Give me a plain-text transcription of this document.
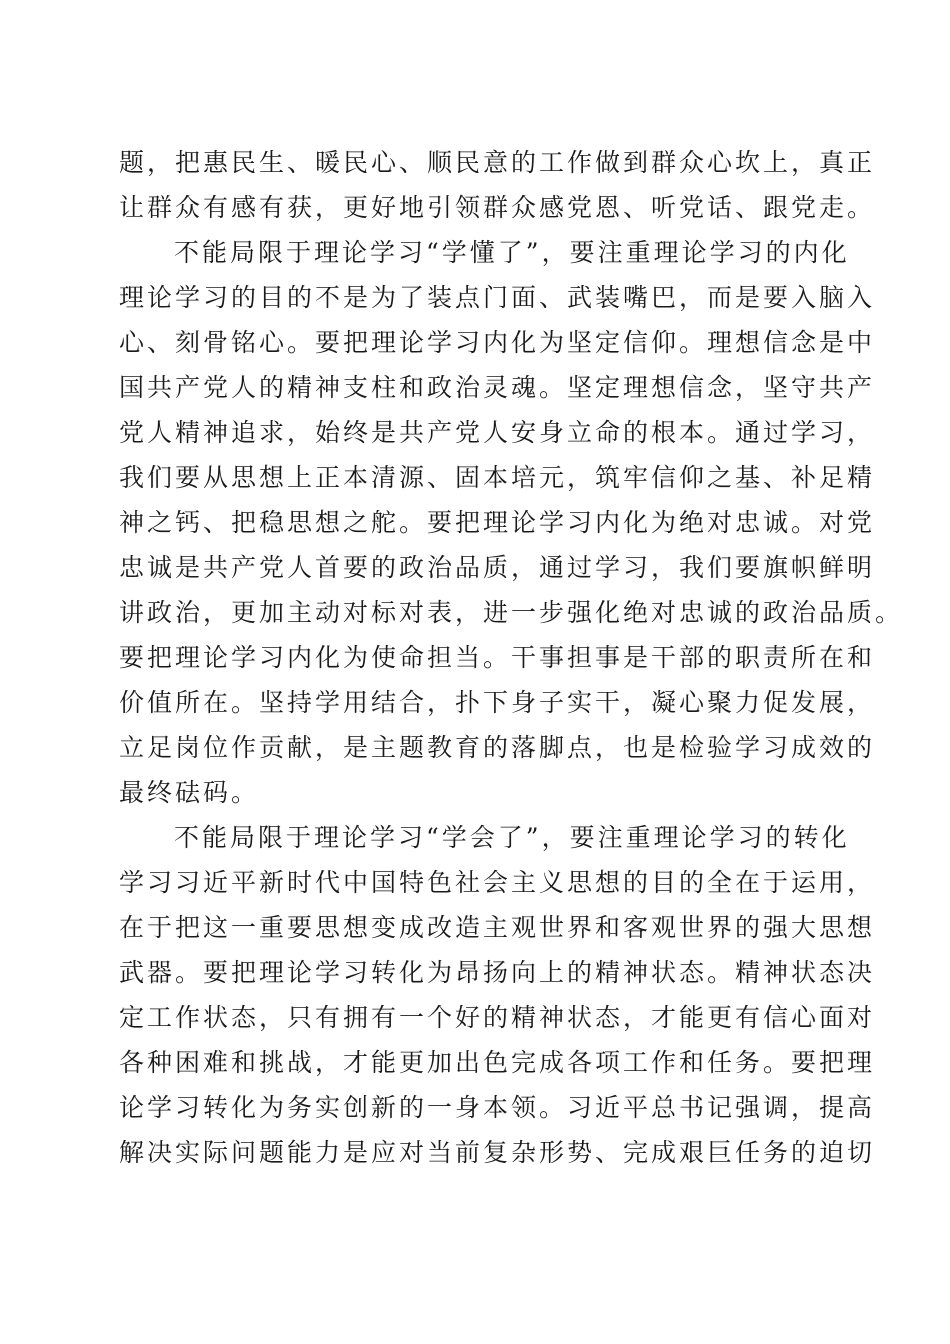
题，把惠民生、暖民心、顺民意的工作做到群众心坎上，真正
让群众有感有获，更好地引领群众感党恩、听党话、跟党走。
不能局限于理论学习“学懂了”，要注重理论学习的内化
理论学习的目的不是为了装点门面、武装嘴巴，而是要入脑入
心、刻骨铭心。要把理论学习内化为坚定信仰。理想信念是中
国共产党人的精神支柱和政治灵魂。坚定理想信念，坚守共产
党人精神追求，始终是共产党人安身立命的根本。通过学习，
我们要从思想上正本清源、固本培元，筑牢信仰之基、补足精
神之钙、把稳思想之舵。要把理论学习内化为绝对忠诚。对党
忠诚是共产党人首要的政治品质，通过学习，我们要旗帜鲜明
讲政治，更加主动对标对表，进一步强化绝对忠诚的政治品质。
要把理论学习内化为使命担当。干事担事是干部的职责所在和
价值所在。坚持学用结合，扑下身子实干，凝心聚力促发展，
立足岗位作贡献，是主题教育的落脚点，也是检验学习成效的
最终砝码。
不能局限于理论学习“学会了”，要注重理论学习的转化
学习习近平新时代中国特色社会主义思想的目的全在于运用，
在于把这一重要思想变成改造主观世界和客观世界的强大思想
武器。要把理论学习转化为昂扬向上的精神状态。精神状态决
定工作状态，只有拥有一个好的精神状态，才能更有信心面对
各种困难和挑战，才能更加出色完成各项工作和任务。要把理
论学习转化为务实创新的一身本领。习近平总书记强调，提高
解决实际问题能力是应对当前复杂形势、完成艰巨任务的迫切
